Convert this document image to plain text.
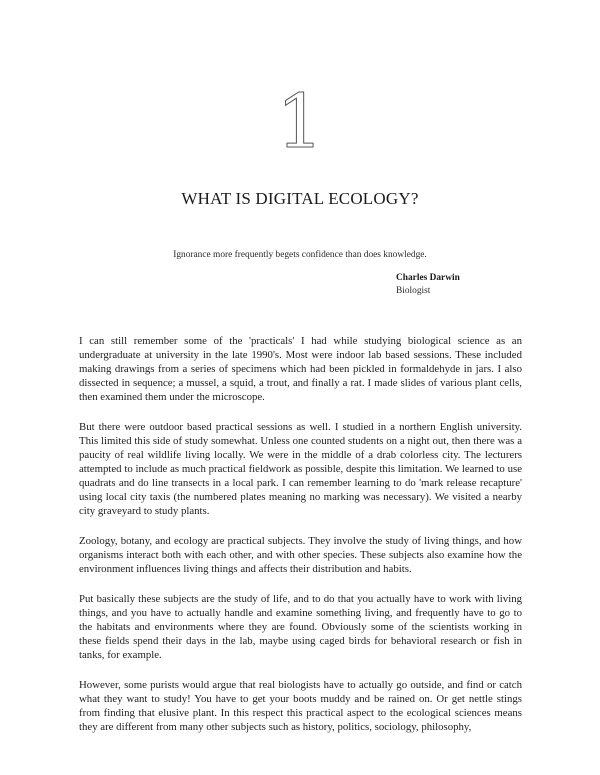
1
WHAT IS DIGITAL ECOLOGY?
Ignorance more frequently begets confidence than does knowledge.
Charles Darwin
Biologist

I can still remember some of the 'practicals' I had while studying biological science as an undergraduate at university in the late 1990's. Most were indoor lab based sessions. These included making drawings from a series of specimens which had been pickled in formaldehyde in jars. I also dissected in sequence; a mussel, a squid, a trout, and finally a rat. I made slides of various plant cells, then examined them under the microscope.

But there were outdoor based practical sessions as well. I studied in a northern English university. This limited this side of study somewhat. Unless one counted students on a night out, then there was a paucity of real wildlife living locally. We were in the middle of a drab colorless city. The lecturers attempted to include as much practical fieldwork as possible, despite this limitation. We learned to use quadrats and do line transects in a local park. I can remember learning to do 'mark release recapture' using local city taxis (the numbered plates meaning no marking was necessary). We visited a nearby city graveyard to study plants.

Zoology, botany, and ecology are practical subjects. They involve the study of living things, and how organisms interact both with each other, and with other species. These subjects also examine how the environment influences living things and affects their distribution and habits.

Put basically these subjects are the study of life, and to do that you actually have to work with living things, and you have to actually handle and examine something living, and frequently have to go to the habitats and environments where they are found. Obviously some of the scientists working in these fields spend their days in the lab, maybe using caged birds for behavioral research or fish in tanks, for example.

However, some purists would argue that real biologists have to actually go outside, and find or catch what they want to study! You have to get your boots muddy and be rained on. Or get nettle stings from finding that elusive plant. In this respect this practical aspect to the ecological sciences means they are different from many other subjects such as history, politics, sociology, philosophy,
